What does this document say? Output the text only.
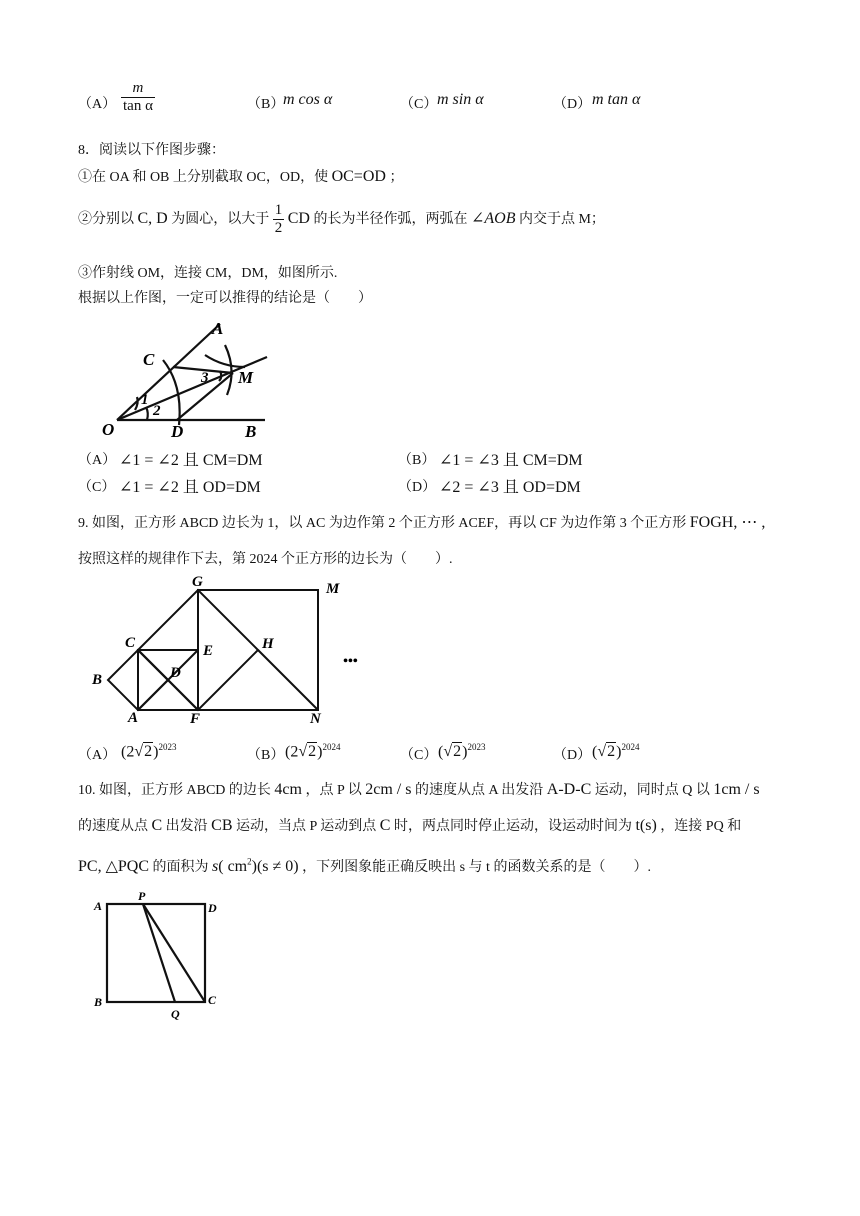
$(A) \frac{m}{\text{tan α}}$	（B）
m cos α	（C） m sin α	（D） m tan α
8．阅读以下作图步骤：
①在 OA 和 OB 上分别截取 OC，OD，使 OC=OD ；
②分别以 C, D 为圆心，以大于 $\frac{1}{2}$ CD 的长为半径作弧，两弧在 ∠AOB 内交于点 M；
③作射线 OM，连接 CM，DM，如图所示.
根据以上作图，一定可以推得的结论是（　　）
A
C
M
O	D	B
1
2
3
（A） ∠1 = ∠2 且 CM=DM	（B） ∠1 = ∠3 且 CM=DM
（C） ∠1 = ∠2 且 OD=DM	（D） ∠2 = ∠3 且 OD=DM
9. 如图，正方形 ABCD 边长为 1，以 AC 为边作第 2 个正方形 ACEF，再以 CF 为边作第 3 个正方形 FOGH, ⋯ ,
按照这样的规律作下去，第 2024 个正方形的边长为（　　）.
G	M
C	E	H
B	D
A	F	N
•••
（A） $(2√2)^{2023}$
（B） $(2√2)^{2024}$
（C） $(√2)^{2023}$
（D） $(√2)^{2024}$
10. 如图，正方形 ABCD 的边长 4cm ，点 P 以 2cm / s 的速度从点 A 出发沿 A-D-C 运动，同时点 Q 以 1cm / s
的速度从点 C 出发沿 CB 运动，当点 P 运动到点 C 时，两点同时停止运动，设运动时间为 t(s) ，连接 PQ 和
PC, △PQC 的面积为 s( $cm^2)(s \ne 0)$ ，下列图象能正确反映出 s 与 t 的函数关系的是（　　）.
A
P
D
B	C
Q
